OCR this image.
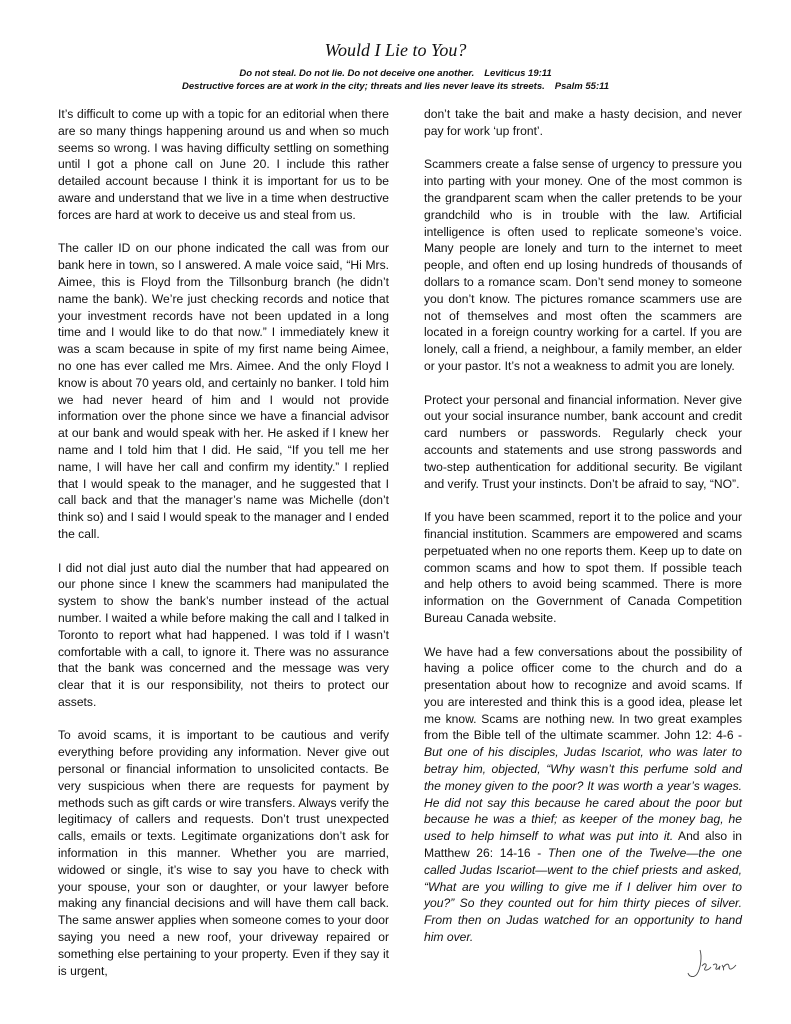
Would I Lie to You?

Do not steal. Do not lie. Do not deceive one another. Leviticus 19:11

Destructive forces are at work in the city; threats and lies never leave its streets. Psalm 55:11

It’s difficult to come up with a topic for an editorial when there are so many things happening around us and when so much seems so wrong. I was having difficulty settling on something until I got a phone call on June 20. I include this rather detailed account because I think it is important for us to be aware and understand that we live in a time when destructive forces are hard at work to deceive us and steal from us.

The caller ID on our phone indicated the call was from our bank here in town, so I answered. A male voice said, “Hi Mrs. Aimee, this is Floyd from the Tillsonburg branch (he didn’t name the bank). We’re just checking records and notice that your investment records have not been updated in a long time and I would like to do that now.” I immediately knew it was a scam because in spite of my first name being Aimee, no one has ever called me Mrs. Aimee. And the only Floyd I know is about 70 years old, and certainly no banker. I told him we had never heard of him and I would not provide information over the phone since we have a financial advisor at our bank and would speak with her. He asked if I knew her name and I told him that I did. He said, “If you tell me her name, I will have her call and confirm my identity.” I replied that I would speak to the manager, and he suggested that I call back and that the manager’s name was Michelle (don’t think so) and I said I would speak to the manager and I ended the call.

I did not dial just auto dial the number that had appeared on our phone since I knew the scammers had manipulated the system to show the bank’s number instead of the actual number. I waited a while before making the call and I talked in Toronto to report what had happened. I was told if I wasn’t comfortable with a call, to ignore it. There was no assurance that the bank was concerned and the message was very clear that it is our responsibility, not theirs to protect our assets.

To avoid scams, it is important to be cautious and verify everything before providing any information. Never give out personal or financial information to unsolicited contacts. Be very suspicious when there are requests for payment by methods such as gift cards or wire transfers. Always verify the legitimacy of callers and requests. Don’t trust unexpected calls, emails or texts. Legitimate organizations don’t ask for information in this manner. Whether you are married, widowed or single, it’s wise to say you have to check with your spouse, your son or daughter, or your lawyer before making any financial decisions and will have them call back. The same answer applies when someone comes to your door saying you need a new roof, your driveway repaired or something else pertaining to your property. Even if they say it is urgent,

don’t take the bait and make a hasty decision, and never pay for work ‘up front’.

Scammers create a false sense of urgency to pressure you into parting with your money. One of the most common is the grandparent scam when the caller pretends to be your grandchild who is in trouble with the law. Artificial intelligence is often used to replicate someone’s voice. Many people are lonely and turn to the internet to meet people, and often end up losing hundreds of thousands of dollars to a romance scam. Don’t send money to someone you don’t know. The pictures romance scammers use are not of themselves and most often the scammers are located in a foreign country working for a cartel. If you are lonely, call a friend, a neighbour, a family member, an elder or your pastor. It’s not a weakness to admit you are lonely.

Protect your personal and financial information. Never give out your social insurance number, bank account and credit card numbers or passwords. Regularly check your accounts and statements and use strong passwords and two-step authentication for additional security. Be vigilant and verify. Trust your instincts. Don’t be afraid to say, “NO”.

If you have been scammed, report it to the police and your financial institution. Scammers are empowered and scams perpetuated when no one reports them. Keep up to date on common scams and how to spot them. If possible teach and help others to avoid being scammed. There is more information on the Government of Canada Competition Bureau Canada website.

We have had a few conversations about the possibility of having a police officer come to the church and do a presentation about how to recognize and avoid scams. If you are interested and think this is a good idea, please let me know. Scams are nothing new. In two great examples from the Bible tell of the ultimate scammer. John 12: 4-6 - But one of his disciples, Judas Iscariot, who was later to betray him, objected, “Why wasn’t this perfume sold and the money given to the poor? It was worth a year’s wages. He did not say this because he cared about the poor but because he was a thief; as keeper of the money bag, he used to help himself to what was put into it. And also in Matthew 26: 14-16 - Then one of the Twelve—the one called Judas Iscariot—went to the chief priests and asked, “What are you willing to give me if I deliver him over to you?” So they counted out for him thirty pieces of silver. From then on Judas watched for an opportunity to hand him over.
